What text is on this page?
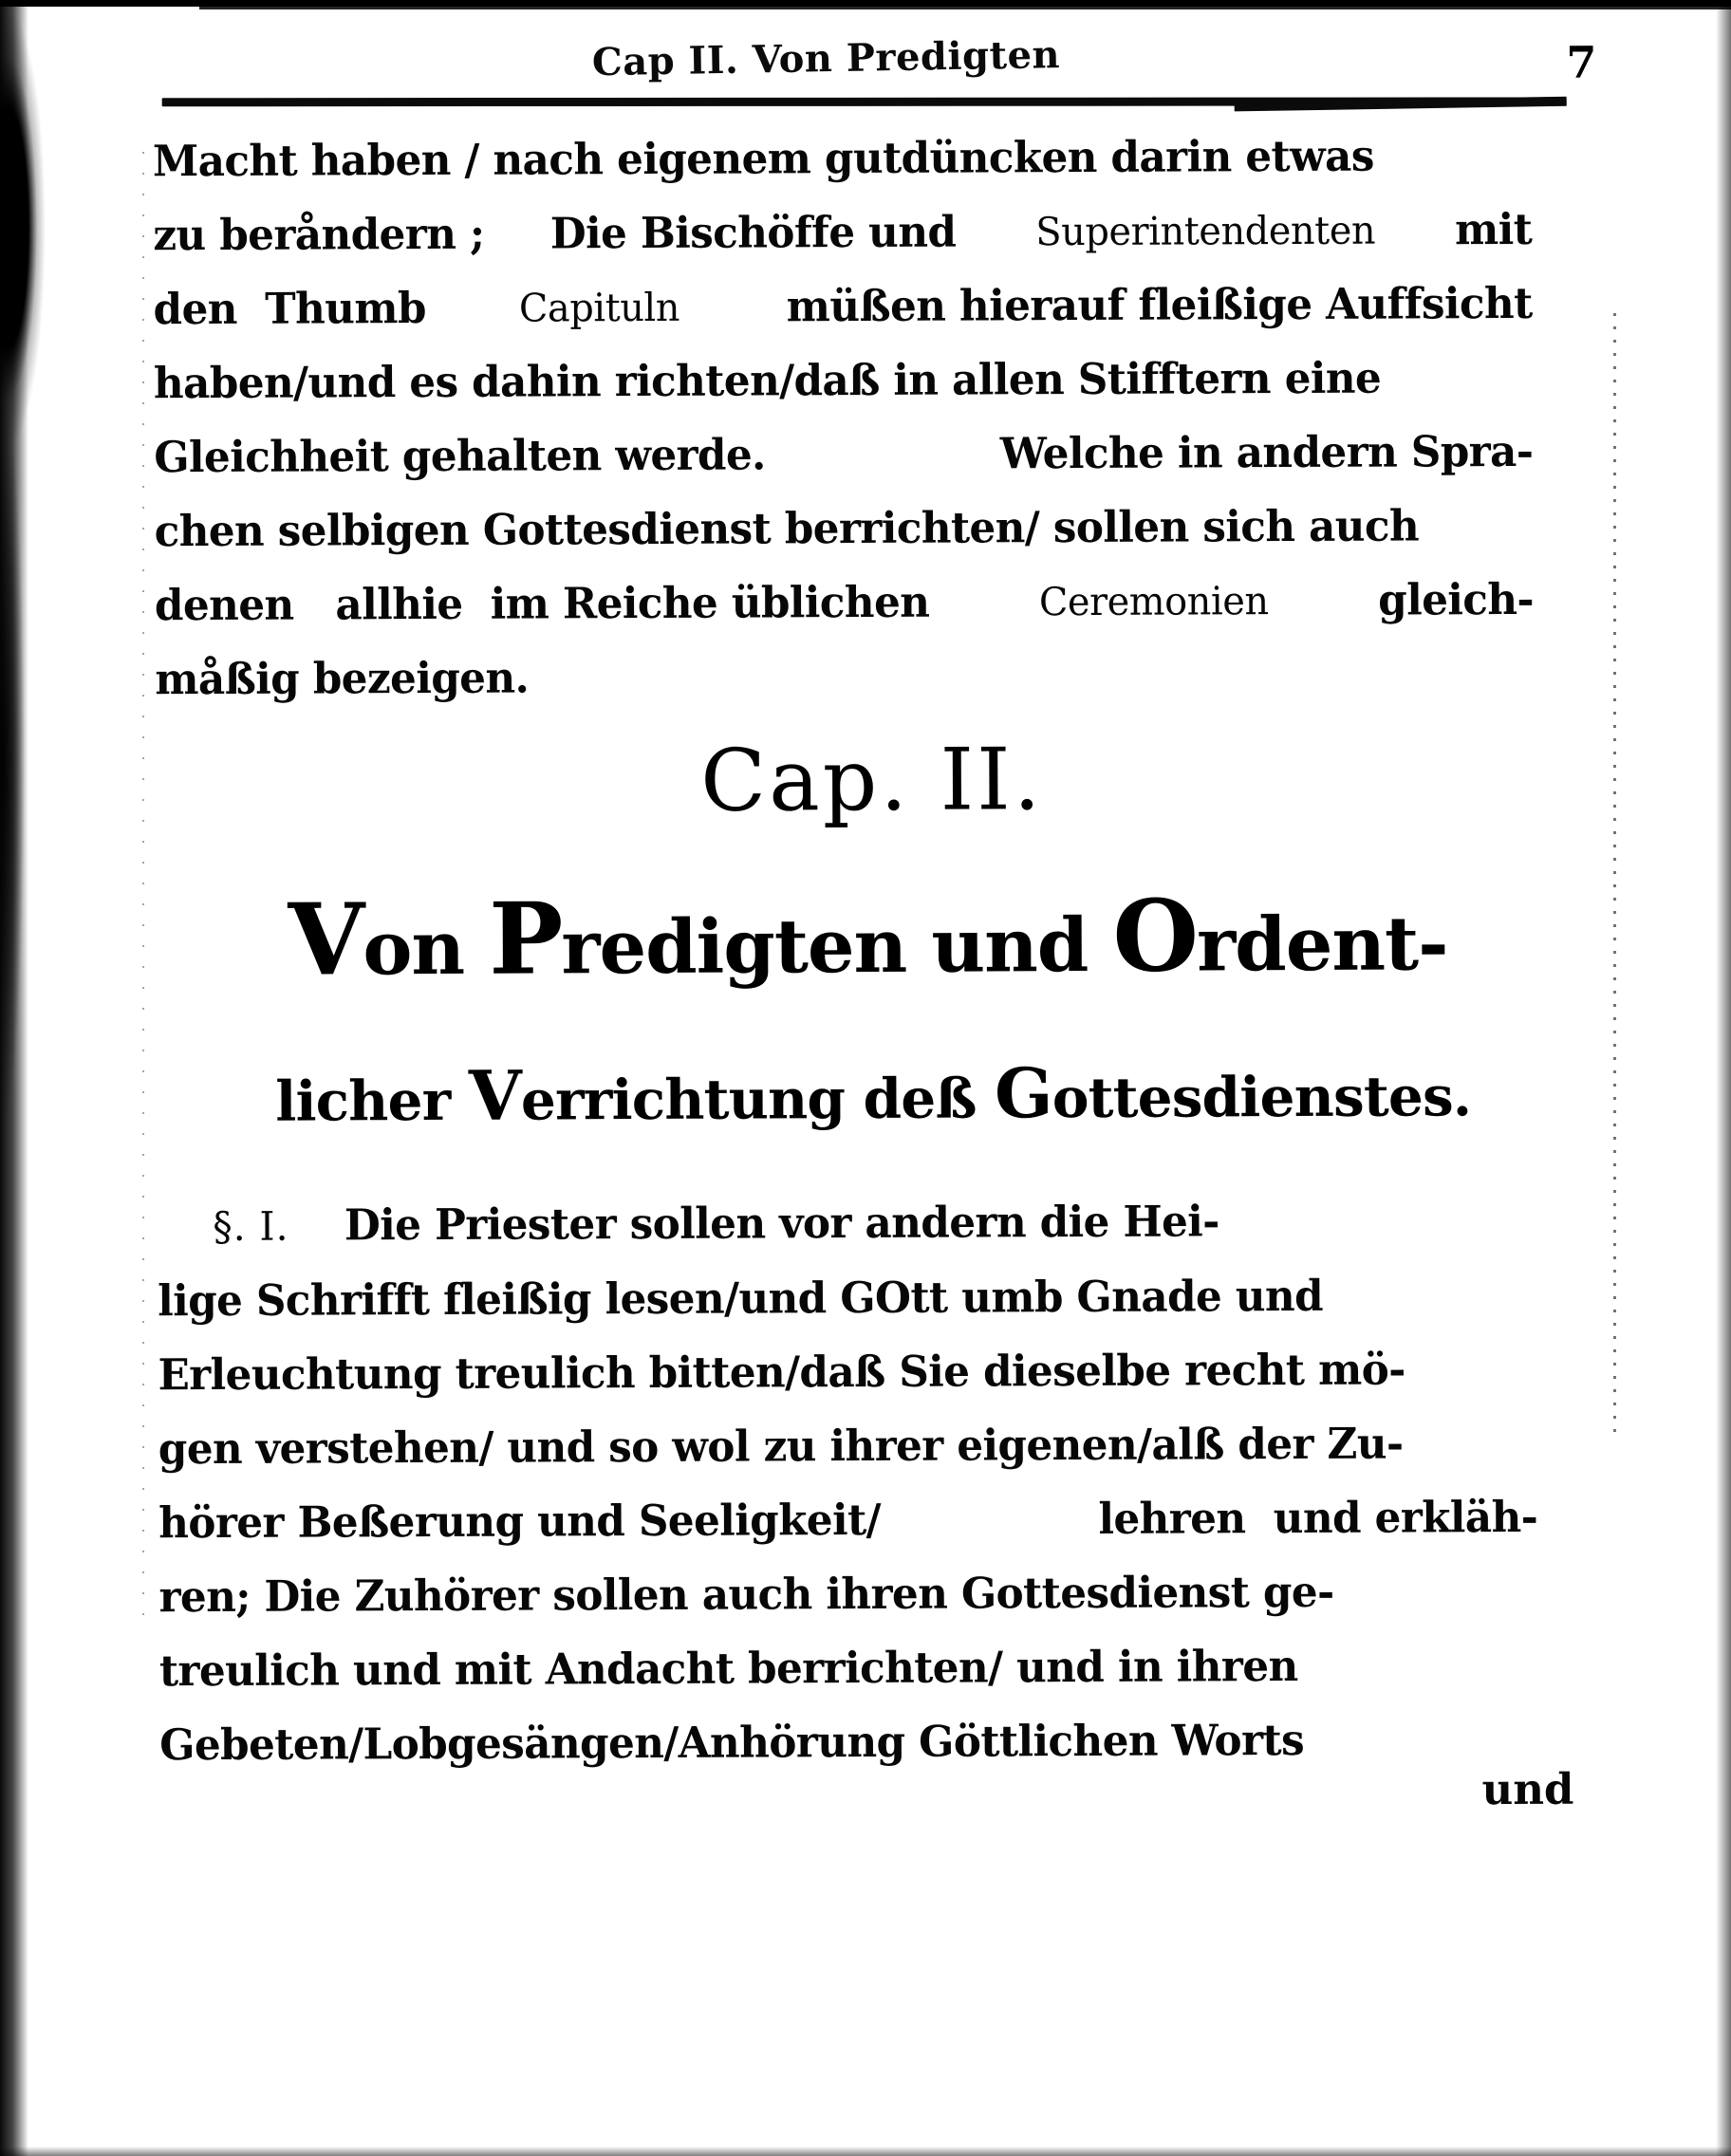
Cap II. Von Predigten	7
Macht haben / nach eigenem gutdüncken darin etwas
zu beråndern ; Die Bischöffe und Superintendenten mit
den  Thumb Capituln müßen hierauf fleißige Auffsicht
haben/und es dahin richten/daß in allen Stifftern eine
Gleichheit gehalten werde.	Welche in andern Spra-
chen selbigen Gottesdienst berrichten/ sollen sich auch
denen   allhie  im Reiche üblichen Ceremonien gleich-
måßig bezeigen.
Cap. II.
Von Predigten und Ordent-
licher Verrichtung deß Gottesdienstes.
§. I. Die Priester sollen vor andern die Hei-
lige Schrifft fleißig lesen/und GOtt umb Gnade und
Erleuchtung treulich bitten/daß Sie dieselbe recht mö-
gen verstehen/ und so wol zu ihrer eigenen/alß der Zu-
hörer Beßerung und Seeligkeit/	lehren  und erkläh-
ren; Die Zuhörer sollen auch ihren Gottesdienst ge-
treulich und mit Andacht berrichten/ und in ihren
Gebeten/Lobgesängen/Anhörung Göttlichen Worts
und
